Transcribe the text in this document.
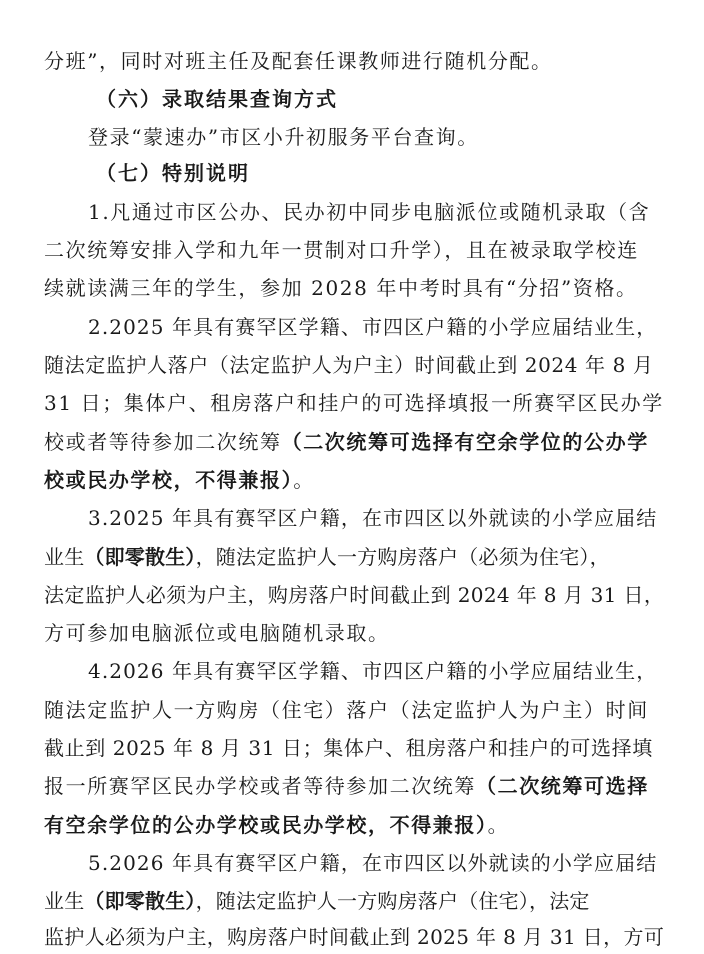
分班”，同时对班主任及配套任课教师进行随机分配。
（六）录取结果查询方式
登录“蒙速办”市区小升初服务平台查询。
（七）特别说明
1.凡通过市区公办、民办初中同步电脑派位或随机录取（含
二次统筹安排入学和九年一贯制对口升学），且在被录取学校连
续就读满三年的学生，参加 2028 年中考时具有“分招”资格。
2.2025 年具有赛罕区学籍、市四区户籍的小学应届结业生，
随法定监护人落户（法定监护人为户主）时间截止到 2024 年 8 月
31 日；集体户、租房落户和挂户的可选择填报一所赛罕区民办学
校或者等待参加二次统筹（二次统筹可选择有空余学位的公办学
校或民办学校，不得兼报）。
3.2025 年具有赛罕区户籍，在市四区以外就读的小学应届结
业生（即零散生），随法定监护人一方购房落户（必须为住宅），
法定监护人必须为户主，购房落户时间截止到 2024 年 8 月 31 日，
方可参加电脑派位或电脑随机录取。
4.2026 年具有赛罕区学籍、市四区户籍的小学应届结业生，
随法定监护人一方购房（住宅）落户（法定监护人为户主）时间
截止到 2025 年 8 月 31 日；集体户、租房落户和挂户的可选择填
报一所赛罕区民办学校或者等待参加二次统筹（二次统筹可选择
有空余学位的公办学校或民办学校，不得兼报）。
5.2026 年具有赛罕区户籍，在市四区以外就读的小学应届结
业生（即零散生），随法定监护人一方购房落户（住宅），法定
监护人必须为户主，购房落户时间截止到 2025 年 8 月 31 日，方可
